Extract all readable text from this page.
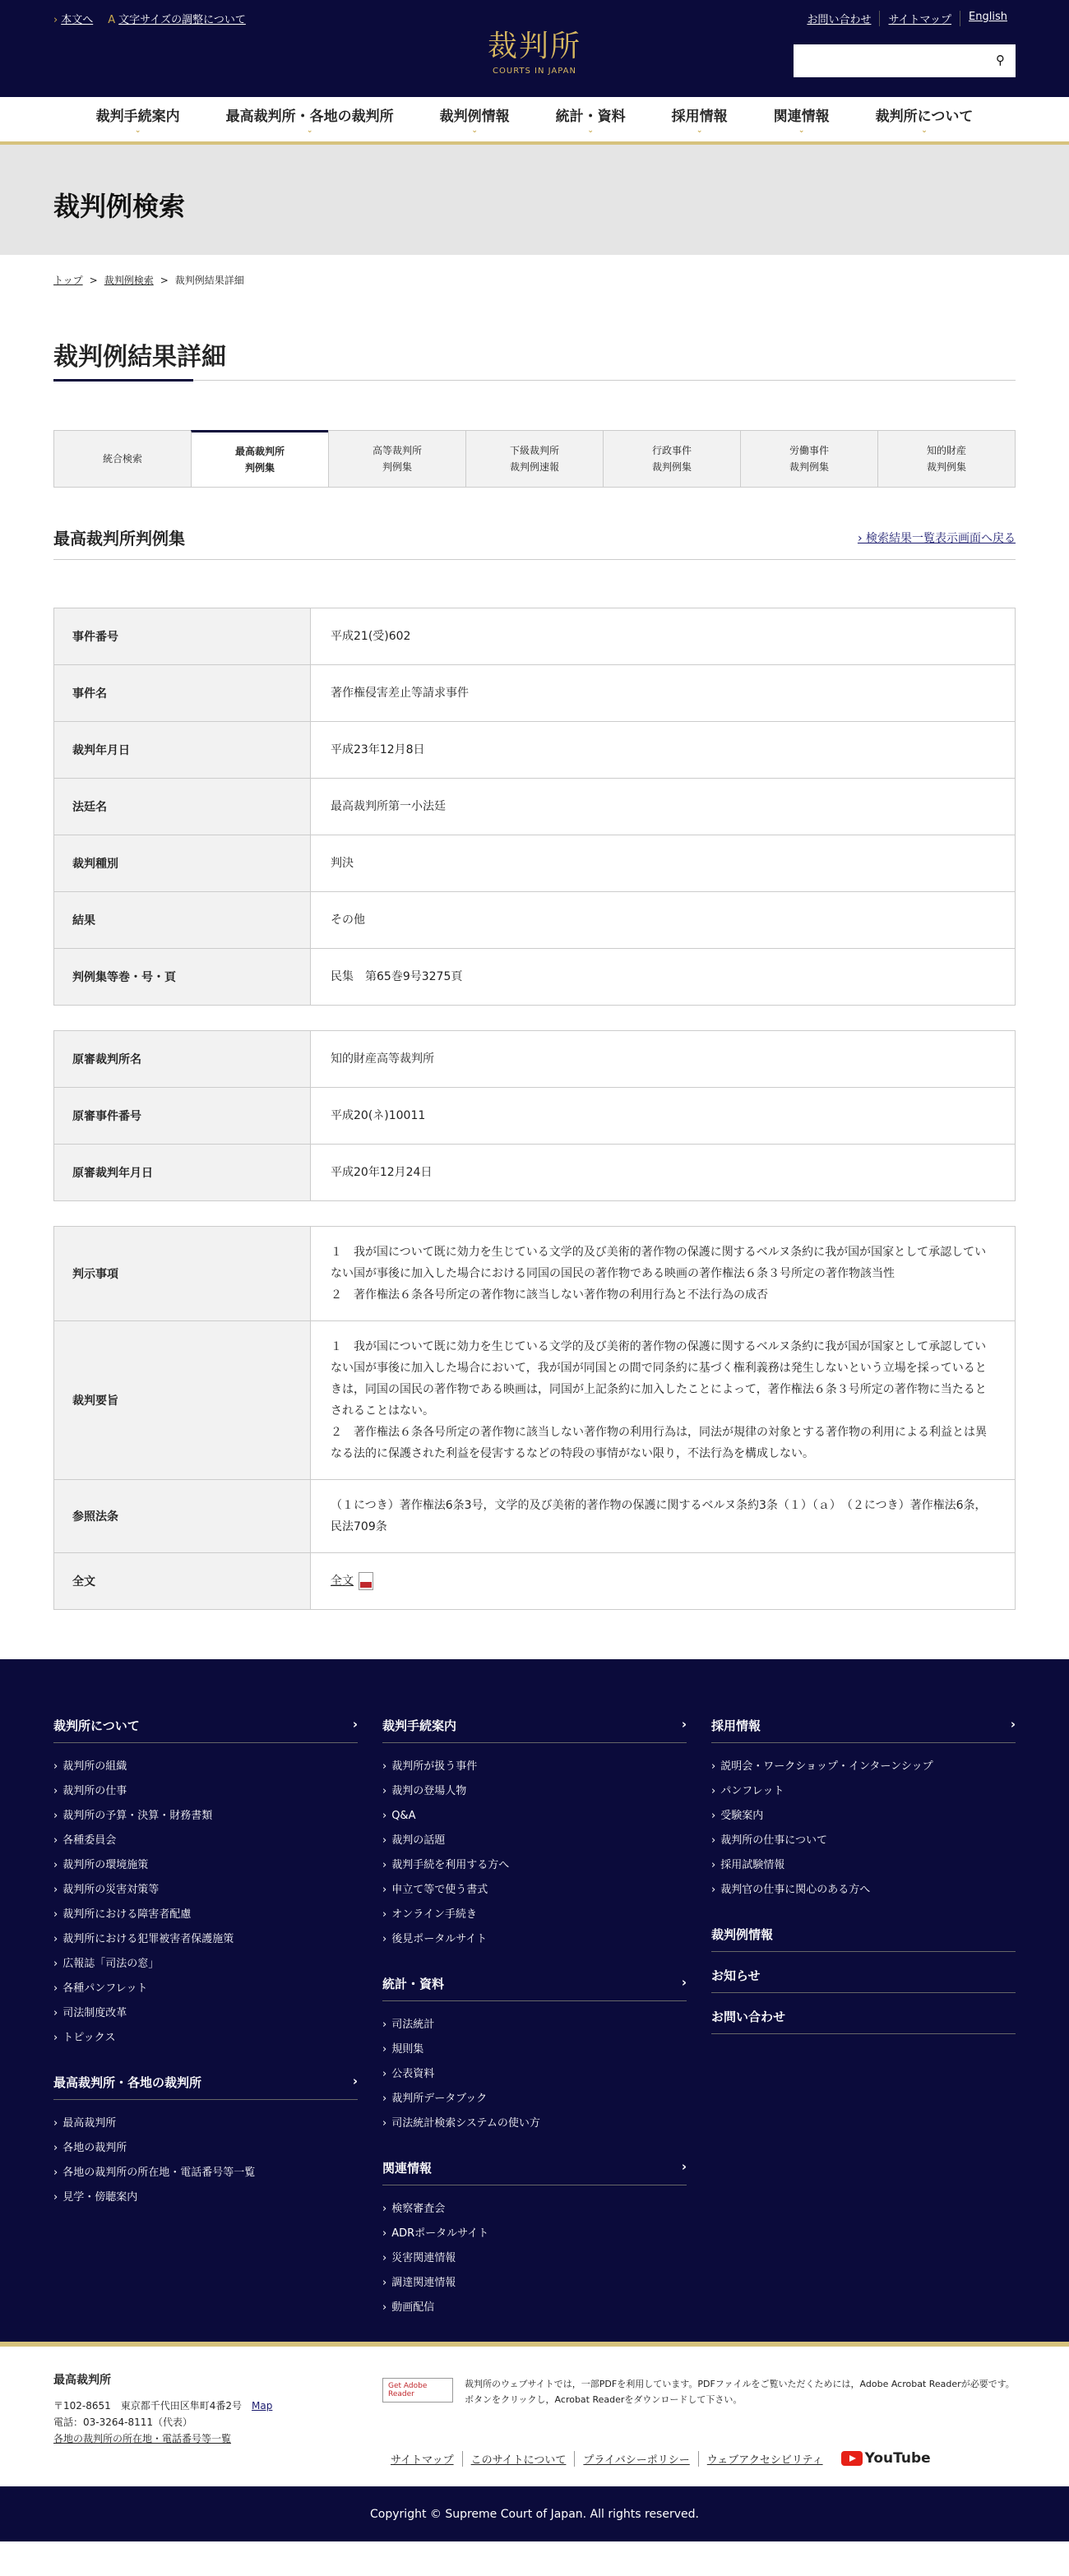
› 本文へ A 文字サイズの調整について
裁判所
COURTS IN JAPAN
お問い合わせ	サイトマップ	English
⚲
裁判手続案内
⌄
最高裁判所・各地の裁判所
⌄
裁判例情報
⌄
統計・資料
⌄
採用情報
⌄
関連情報
⌄
裁判所について
⌄
裁判例検索
トップ > 裁判例検索 > 裁判例結果詳細
裁判例結果詳細
統合検索
最高裁判所
判例集
高等裁判所
判例集
下級裁判所
裁判例速報
行政事件
裁判例集
労働事件
裁判例集
知的財産
裁判例集
最高裁判所判例集	› 検索結果一覧表示画面へ戻る
事件番号	平成21(受)602
事件名	著作権侵害差止等請求事件
裁判年月日	平成23年12月8日
法廷名	最高裁判所第一小法廷
裁判種別	判決
結果	その他
判例集等巻・号・頁	民集　第65巻9号3275頁
原審裁判所名	知的財産高等裁判所
原審事件番号	平成20(ネ)10011
原審裁判年月日	平成20年12月24日
判示事項	１　我が国について既に効力を生じている文学的及び美術的著作物の保護に関するベルヌ条約に我が国が国家として承認していない国が事後に加入した場合における同国の国民の著作物である映画の著作権法６条３号所定の著作物該当性
２　著作権法６条各号所定の著作物に該当しない著作物の利用行為と不法行為の成否

裁判要旨	１　我が国について既に効力を生じている文学的及び美術的著作物の保護に関するベルヌ条約に我が国が国家として承認していない国が事後に加入した場合において，我が国が同国との間で同条約に基づく権利義務は発生しないという立場を採っているときは，同国の国民の著作物である映画は，同国が上記条約に加入したことによって，著作権法６条３号所定の著作物に当たるとされることはない。
２　著作権法６条各号所定の著作物に該当しない著作物の利用行為は，同法が規律の対象とする著作物の利用による利益とは異なる法的に保護された利益を侵害するなどの特段の事情がない限り，不法行為を構成しない。

参照法条	（１につき）著作権法6条3号，文学的及び美術的著作物の保護に関するベルヌ条約3条（１）（ａ）　（２につき）著作権法6条，民法709条
全文	全文
裁判所について	›
› 裁判所の組織
› 裁判所の仕事
› 裁判所の予算・決算・財務書類
› 各種委員会
› 裁判所の環境施策
› 裁判所の災害対策等
› 裁判所における障害者配慮
› 裁判所における犯罪被害者保護施策
› 広報誌「司法の窓」
› 各種パンフレット
› 司法制度改革
› トピックス
最高裁判所・各地の裁判所	›
› 最高裁判所
› 各地の裁判所
› 各地の裁判所の所在地・電話番号等一覧
› 見学・傍聴案内
裁判手続案内	›
› 裁判所が扱う事件
› 裁判の登場人物
› Q&A
› 裁判の話題
› 裁判手続を利用する方へ
› 申立て等で使う書式
› オンライン手続き
› 後見ポータルサイト
統計・資料	›
› 司法統計
› 規則集
› 公表資料
› 裁判所データブック
› 司法統計検索システムの使い方
関連情報	›
› 検察審査会
› ADRポータルサイト
› 災害関連情報
› 調達関連情報
› 動画配信
採用情報	›
› 説明会・ワークショップ・インターンシップ
› パンフレット
› 受験案内
› 裁判所の仕事について
› 採用試験情報
› 裁判官の仕事に関心のある方へ
裁判例情報
お知らせ
お問い合わせ
最高裁判所
〒102-8651　東京都千代田区隼町4番2号 Map
電話：03-3264-8111（代表）
各地の裁判所の所在地・電話番号等一覧
Get Adobe Reader
裁判所のウェブサイトでは，一部PDFを利用しています。PDFファイルをご覧いただくためには，Adobe Acrobat Readerが必要です。ボタンをクリックし，Acrobat Readerをダウンロードして下さい。
サイトマップ	このサイトについて	プライバシーポリシー	ウェブアクセシビリティ	YouTube
Copyright © Supreme Court of Japan. All rights reserved.
